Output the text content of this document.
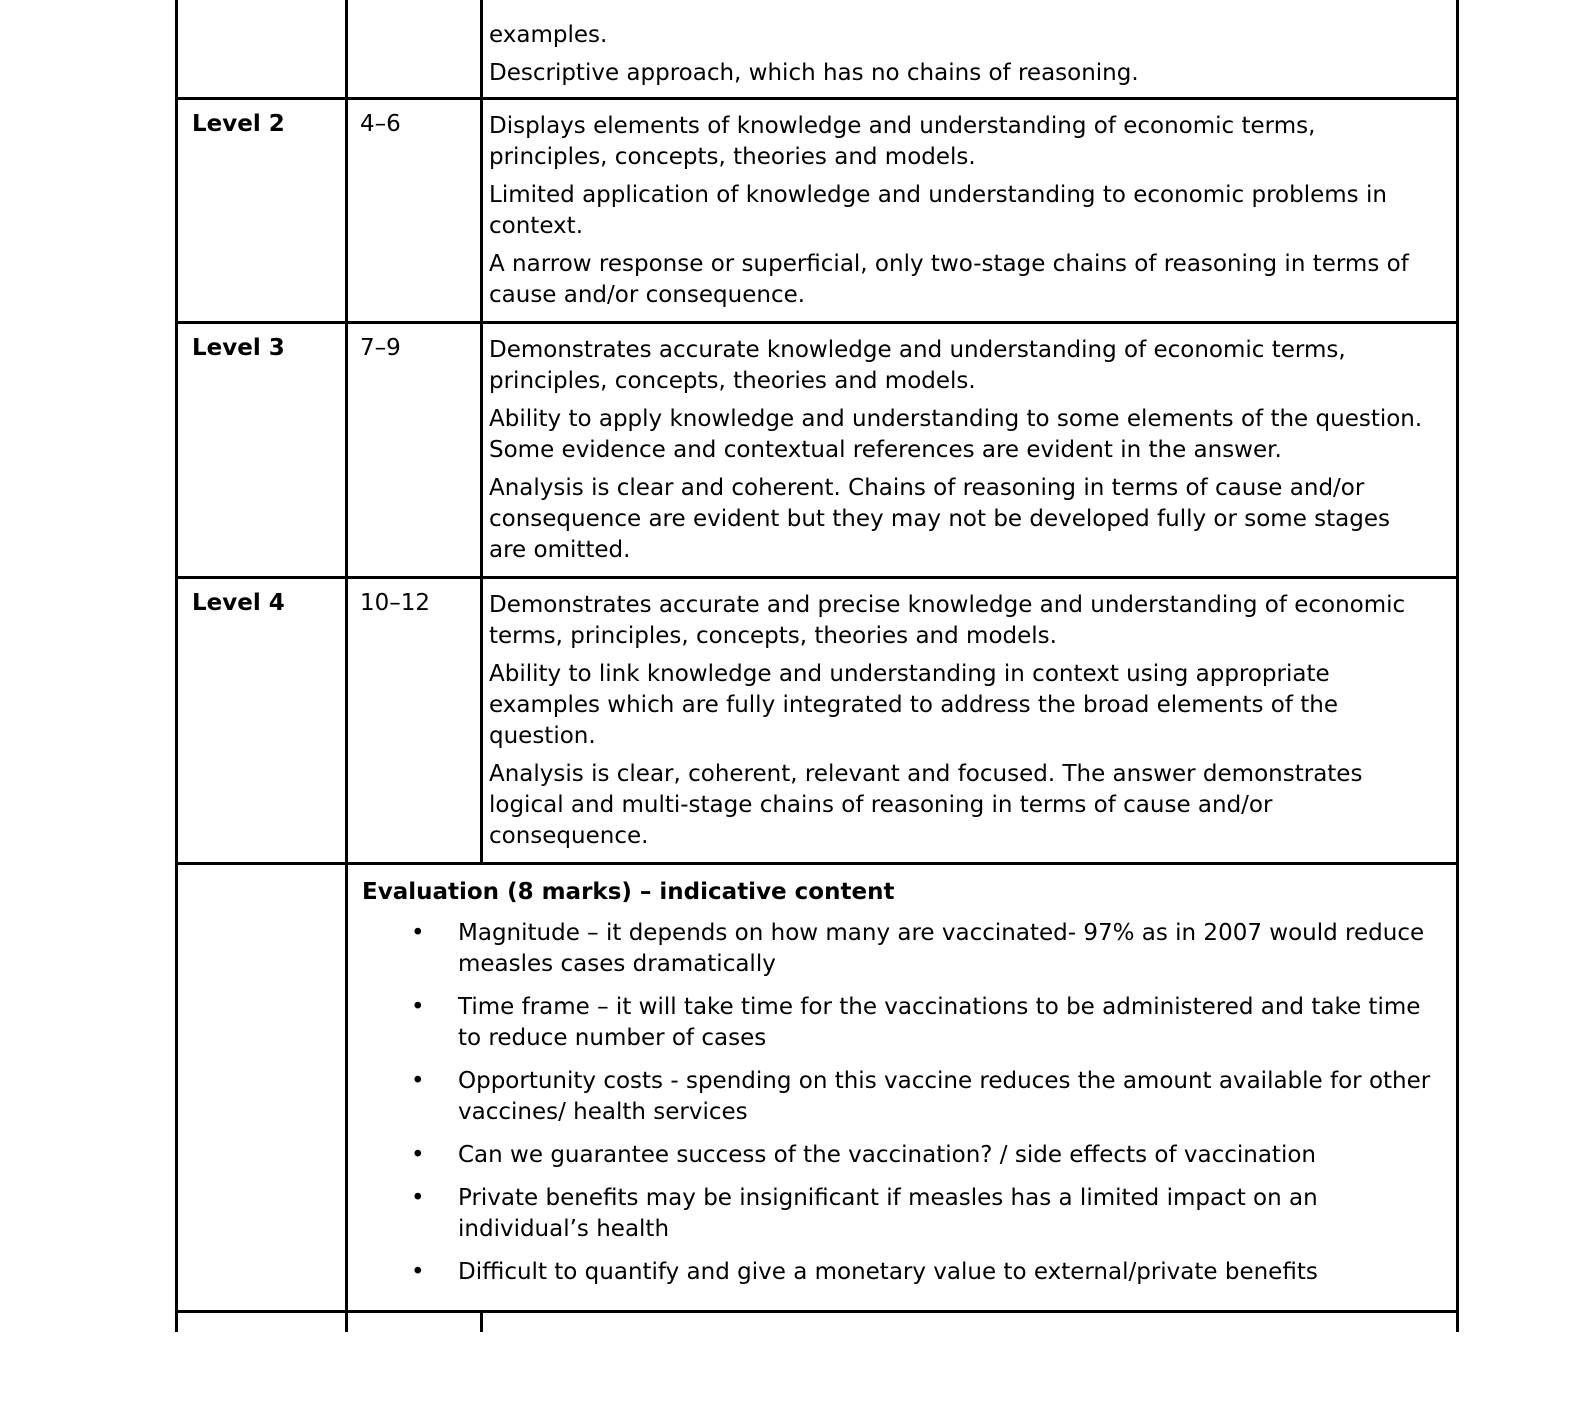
		examples.

Descriptive approach, which has no chains of reasoning.

Level 2	4–6	Displays elements of knowledge and understanding of economic terms, principles, concepts, theories and models.

Limited application of knowledge and understanding to economic problems in context.

A narrow response or superficial, only two-stage chains of reasoning in terms of cause and/or consequence.

Level 3	7–9	Demonstrates accurate knowledge and understanding of economic terms, principles, concepts, theories and models.

Ability to apply knowledge and understanding to some elements of the question. Some evidence and contextual references are evident in the answer.

Analysis is clear and coherent. Chains of reasoning in terms of cause and/or consequence are evident but they may not be developed fully or some stages are omitted.

Level 4	10–12	Demonstrates accurate and precise knowledge and understanding of economic terms, principles, concepts, theories and models.

Ability to link knowledge and understanding in context using appropriate examples which are fully integrated to address the broad elements of the question.

Analysis is clear, coherent, relevant and focused. The answer demonstrates logical and multi-stage chains of reasoning in terms of cause and/or consequence.

Evaluation (8 marks) – indicative content
• Magnitude – it depends on how many are vaccinated- 97% as in 2007 would reduce measles cases dramatically
• Time frame – it will take time for the vaccinations to be administered and take time to reduce number of cases
• Opportunity costs - spending on this vaccine reduces the amount available for other vaccines/ health services
• Can we guarantee success of the vaccination? / side effects of vaccination
• Private benefits may be insignificant if measles has a limited impact on an individual’s health
• Difficult to quantify and give a monetary value to external/private benefits
